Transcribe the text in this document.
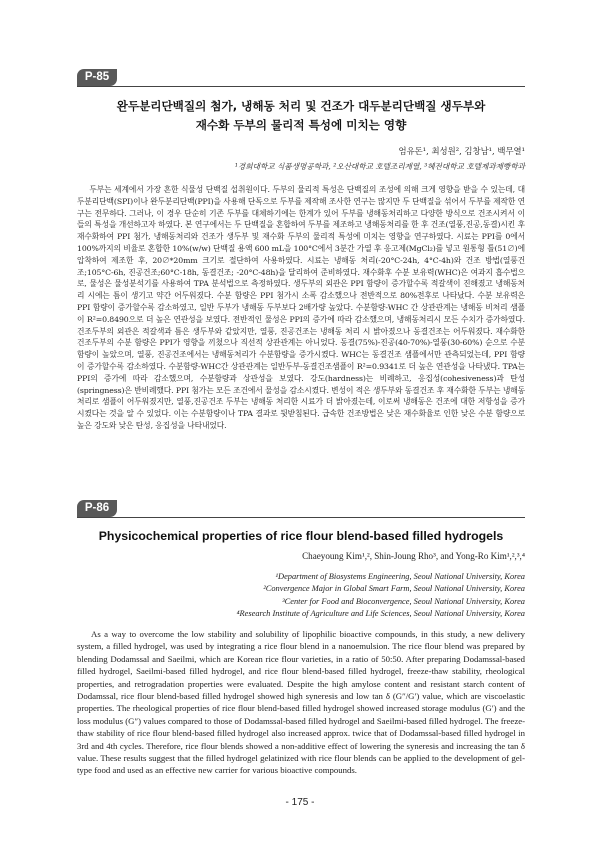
P-85
완두분리단백질의 첨가, 냉해동 처리 및 건조가 대두분리단백질 생두부와
재수화 두부의 물리적 특성에 미치는 영향
엄유돈¹, 최성원², 김창남¹, 백무열¹
¹경희대학교 식품생명공학과, ²오산대학교 호텔조리계열, ³혜전대학교 호텔제과제빵학과

두부는 세계에서 가장 흔한 식물성 단백질 섭취원이다. 두부의 물리적 특성은 단백질의 조성에 의해 크게 영향을 받을 수 있는데, 대두분리단백(SPI)이나 완두분리단백(PPI)을 사용해 단독으로 두부를 제작해 조사한 연구는 많지만 두 단백질을 섞어서 두부를 제작한 연구는 전무하다. 그러나, 이 경우 단순히 기존 두부를 대체하기에는 한계가 있어 두부를 냉해동처리하고 다양한 방식으로 건조시켜서 이들의 특성을 개선하고자 하였다. 본 연구에서는 두 단백질을 혼합하여 두부를 제조하고 냉해동처리를 한 후 건조(열풍,진공,동결)시킨 후 재수화하여 PPI 첨가, 냉해동처리와 건조가 생두부 및 재수화 두부의 물리적 특성에 미치는 영향을 연구하였다. 시료는 PPI를 0에서 100%까지의 비율로 혼합한 10%(w/w) 단백질 용액 600 mL을 100°C에서 3분간 가열 후 응고제(MgCl₂)를 넣고 원통형 틀(51∅)에 압착하여 제조한 후, 20∅*20mm 크기로 절단하여 사용하였다. 시료는 냉해동 처리(-20°C-24h, 4°C-4h)와 건조 방법(열풍건조;105°C-6h, 진공건조;60°C-18h, 동결건조; -20°C-48h)을 달리하여 준비하였다. 재수화후 수분 보유력(WHC)은 여과지 흡수법으로, 물성은 물성분석기를 사용하여 TPA 분석법으로 측정하였다. 생두부의 외관은 PPI 함량이 증가할수록 적갈색이 진해졌고 냉해동처리 시에는 틈이 생기고 약간 어두워졌다. 수분 함량은 PPI 첨가시 소폭 감소했으나 전반적으로 80%전후로 나타났다. 수분 보유력은 PPI 함량이 증가할수록 감소하였고, 일반 두부가 냉해동 두부보다 2배가량 높았다. 수분함량-WHC 간 상관관계는 냉해동 비처리 샘플이 R²=0.8490으로 더 높은 연관성을 보였다. 전반적인 물성은 PPI의 증가에 따라 감소했으며, 냉해동처리시 모든 수치가 증가하였다. 건조두부의 외관은 적갈색과 틈은 생두부와 같았지만, 열풍, 진공건조는 냉해동 처리 시 밝아졌으나 동결건조는 어두워졌다. 재수화한 건조두부의 수분 함량은 PPI가 영향을 끼쳤으나 직선적 상관관계는 아니었다. 동결(75%)-진공(40-70%)-열풍(30-60%) 순으로 수분함량이 높았으며, 열풍, 진공건조에서는 냉해동처리가 수분함량을 증가시켰다. WHC는 동결건조 샘플에서만 관측되었는데, PPI 함량이 증가할수록 감소하였다. 수분함량-WHC간 상관관계는 일반두부-동결건조샘플이 R²=0.9341로 더 높은 연관성을 나타냈다. TPA는 PPI의 증가에 따라 감소했으며, 수분함량과 상관성을 보였다. 강도(hardness)는 비례하고, 응집성(cohesiveness)과 탄성(springness)은 반비례했다. PPI 첨가는 모든 조건에서 물성을 감소시켰다. 변성이 적은 생두부와 동결건조 후 재수화한 두부는 냉해동처리로 샘플이 어두워졌지만, 열풍,진공건조 두부는 냉해동 처리한 시료가 더 밝아졌는데, 이로써 냉해동은 건조에 대한 저항성을 증가시켰다는 것을 알 수 있었다. 이는 수분함량이나 TPA 결과로 뒷받침된다. 급속한 건조방법은 낮은 재수화율로 인한 낮은 수분 함량으로 높은 강도와 낮은 탄성, 응집성을 나타내었다.

P-86
Physicochemical properties of rice flour blend-based filled hydrogels
Chaeyoung Kim¹,², Shin-Joung Rho³, and Yong-Ro Kim¹,²,³,⁴
¹Department of Biosystems Engineering, Seoul National University, Korea
²Convergence Major in Global Smart Farm, Seoul National University, Korea
³Center for Food and Bioconvergence, Seoul National University, Korea
⁴Research Institute of Agriculture and Life Sciences, Seoul National University, Korea

As a way to overcome the low stability and solubility of lipophilic bioactive compounds, in this study, a new delivery system, a filled hydrogel, was used by integrating a rice flour blend in a nanoemulsion. The rice flour blend was prepared by blending Dodamssal and Saeilmi, which are Korean rice flour varieties, in a ratio of 50:50. After preparing Dodamssal-based filled hydrogel, Saeilmi-based filled hydrogel, and rice flour blend-based filled hydrogel, freeze-thaw stability, rheological properties, and retrogradation properties were evaluated. Despite the high amylose content and resistant starch content of Dodamssal, rice flour blend-based filled hydrogel showed high syneresis and low tan δ (G″/G′) value, which are viscoelastic properties. The rheological properties of rice flour blend-based filled hydrogel showed increased storage modulus (G′) and the loss modulus (G″) values compared to those of Dodamssal-based filled hydrogel and Saeilmi-based filled hydrogel. The freeze-thaw stability of rice flour blend-based filled hydrogel also increased approx. twice that of Dodamssal-based filled hydrogel in 3rd and 4th cycles. Therefore, rice flour blends showed a non-additive effect of lowering the syneresis and increasing the tan δ value. These results suggest that the filled hydrogel gelatinized with rice flour blends can be applied to the development of gel-type food and used as an effective new carrier for various bioactive compounds.

- 175 -
